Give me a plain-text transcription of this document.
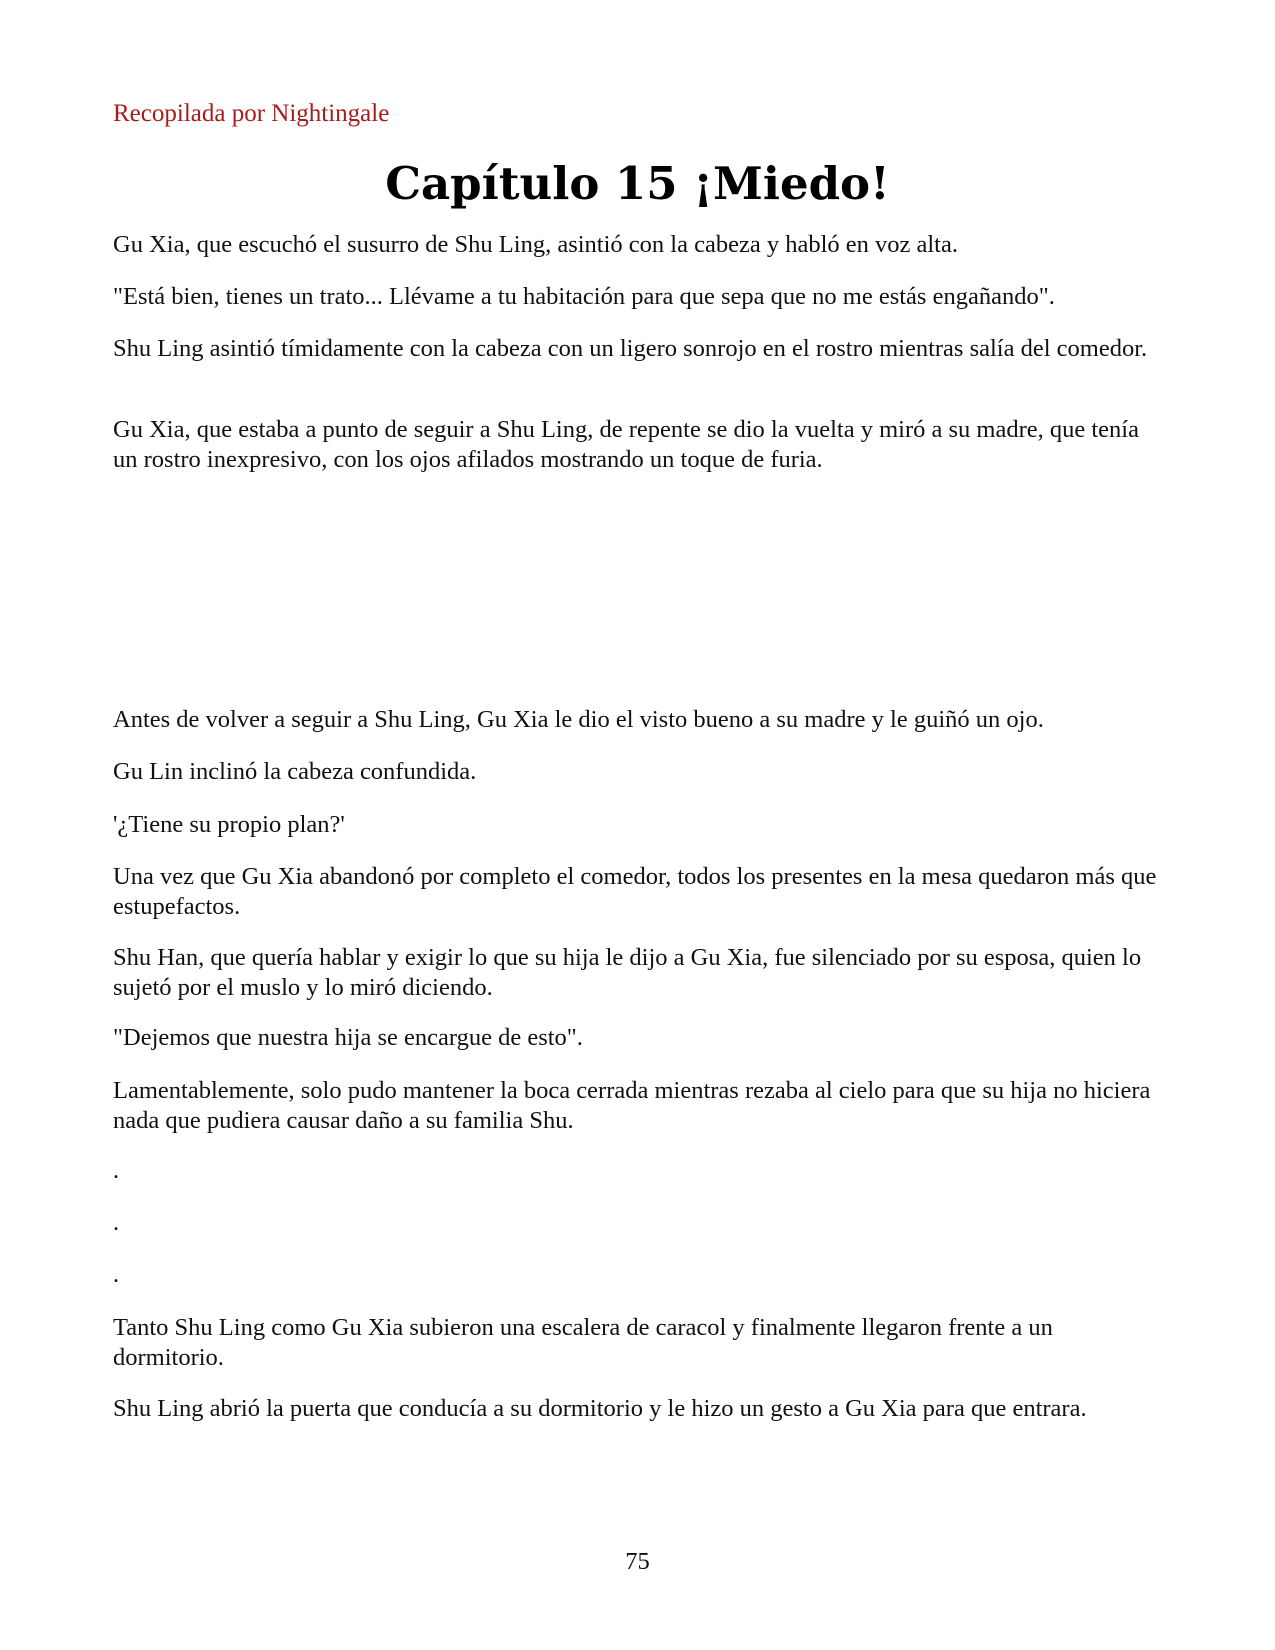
Recopilada por Nightingale
Capítulo 15 ¡Miedo!

Gu Xia, que escuchó el susurro de Shu Ling, asintió con la cabeza y habló en voz alta.

"Está bien, tienes un trato... Llévame a tu habitación para que sepa que no me estás engañando".

Shu Ling asintió tímidamente con la cabeza con un ligero sonrojo en el rostro mientras salía del comedor.

Gu Xia, que estaba a punto de seguir a Shu Ling, de repente se dio la vuelta y miró a su madre, que tenía un rostro inexpresivo, con los ojos afilados mostrando un toque de furia.

Antes de volver a seguir a Shu Ling, Gu Xia le dio el visto bueno a su madre y le guiñó un ojo.

Gu Lin inclinó la cabeza confundida.

'¿Tiene su propio plan?'

Una vez que Gu Xia abandonó por completo el comedor, todos los presentes en la mesa quedaron más que estupefactos.

Shu Han, que quería hablar y exigir lo que su hija le dijo a Gu Xia, fue silenciado por su esposa, quien lo sujetó por el muslo y lo miró diciendo.

"Dejemos que nuestra hija se encargue de esto".

Lamentablemente, solo pudo mantener la boca cerrada mientras rezaba al cielo para que su hija no hiciera nada que pudiera causar daño a su familia Shu.

.

.

.

Tanto Shu Ling como Gu Xia subieron una escalera de caracol y finalmente llegaron frente a un dormitorio.

Shu Ling abrió la puerta que conducía a su dormitorio y le hizo un gesto a Gu Xia para que entrara.

75
